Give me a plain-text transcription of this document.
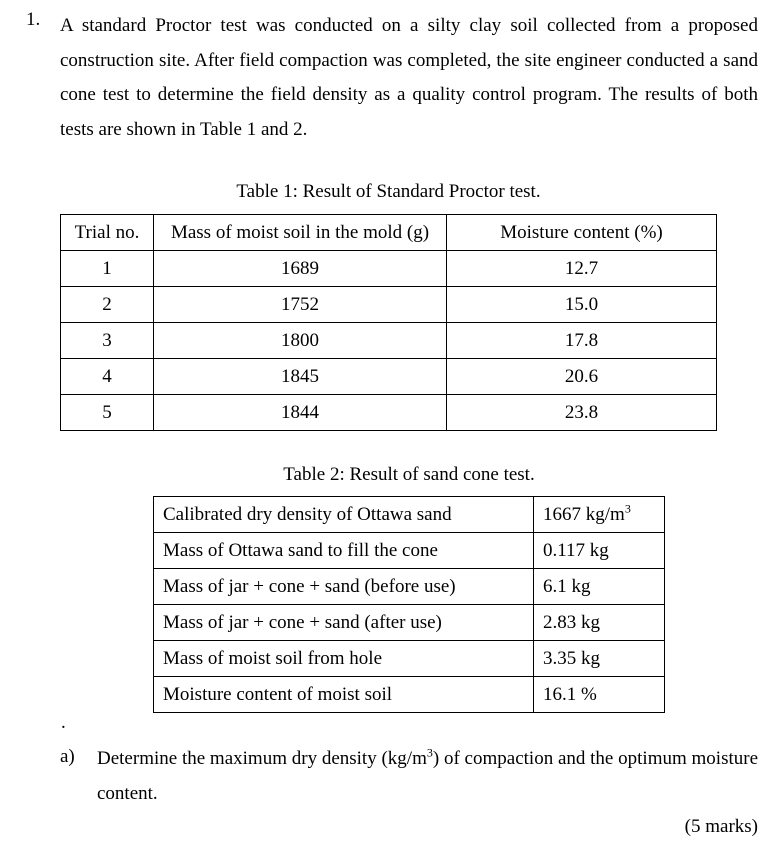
1. A standard Proctor test was conducted on a silty clay soil collected from a proposed construction site. After field compaction was completed, the site engineer conducted a sand cone test to determine the field density as a quality control program. The results of both tests are shown in Table 1 and 2.

Table 1: Result of Standard Proctor test.
Trial no.	Mass of moist soil in the mold (g)	Moisture content (%)
1	1689	12.7
2	1752	15.0
3	1800	17.8
4	1845	20.6
5	1844	23.8
Table 2: Result of sand cone test.
Calibrated dry density of Ottawa sand	1667 $kg/m^3$
Mass of Ottawa sand to fill the cone	0.117 kg
Mass of jar + cone + sand (before use)	6.1 kg
Mass of jar + cone + sand (after use)	2.83 kg
Mass of moist soil from hole	3.35 kg
Moisture content of moist soil	16.1 %
.
a) Determine the maximum dry density $(kg/m^3)$ of compaction and the optimum moisture content.

(5 marks)
